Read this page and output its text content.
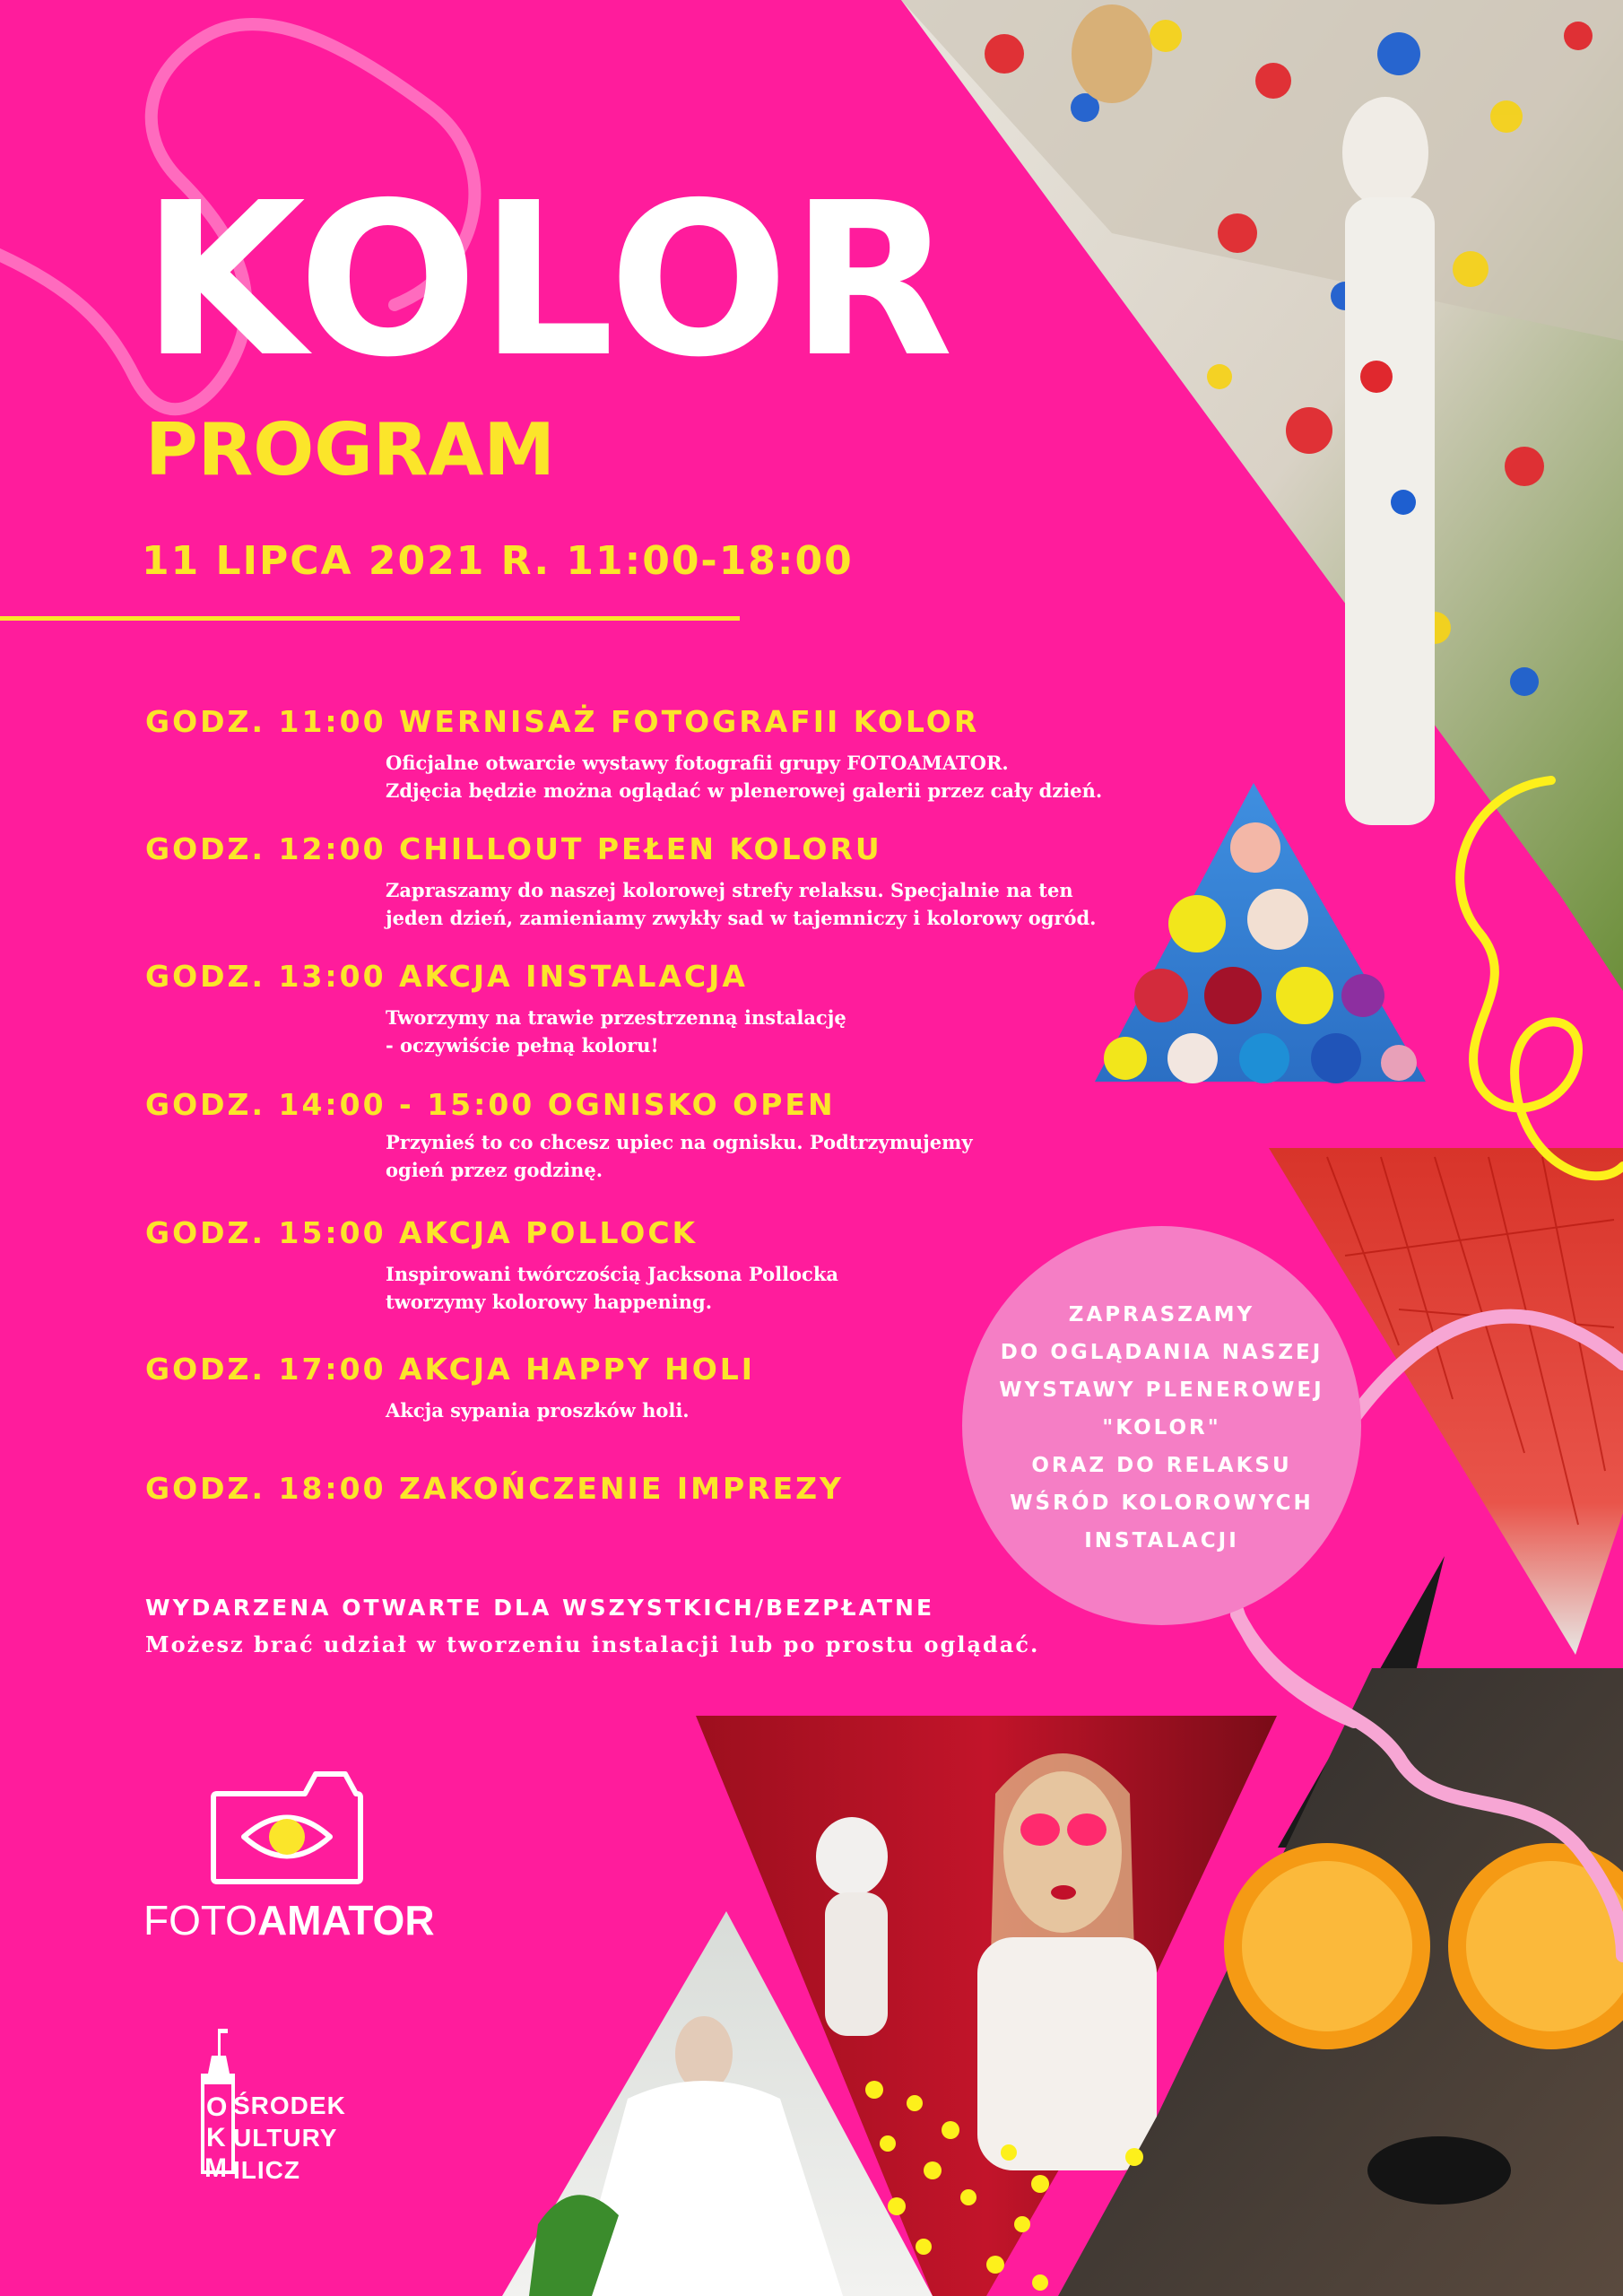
KOLOR
PROGRAM
11 LIPCA 2021 R. 11:00-18:00
GODZ. 11:00 WERNISAŻ FOTOGRAFII KOLOR
Oficjalne otwarcie wystawy fotografii grupy FOTOAMATOR.
Zdjęcia będzie można oglądać w plenerowej galerii przez cały dzień.
GODZ. 12:00 CHILLOUT PEŁEN KOLORU
Zapraszamy do naszej kolorowej strefy relaksu. Specjalnie na ten
jeden dzień, zamieniamy zwykły sad w tajemniczy i kolorowy ogród.
GODZ. 13:00 AKCJA INSTALACJA
Tworzymy na trawie przestrzenną instalację
- oczywiście pełną koloru!
GODZ. 14:00 - 15:00 OGNISKO OPEN
Przynieś to co chcesz upiec na ognisku. Podtrzymujemy
ogień przez godzinę.
GODZ. 15:00 AKCJA POLLOCK
Inspirowani twórczością Jacksona Pollocka
tworzymy kolorowy happening.
GODZ. 17:00 AKCJA HAPPY HOLI
Akcja sypania proszków holi.
GODZ. 18:00 ZAKOŃCZENIE IMPREZY
WYDARZENA OTWARTE DLA WSZYSTKICH/BEZPŁATNE
Możesz brać udział w tworzeniu instalacji lub po prostu oglądać.
ZAPRASZAMY
DO OGLĄDANIA NASZEJ
WYSTAWY PLENEROWEJ
"KOLOR"
ORAZ DO RELAKSU
WŚRÓD KOLOROWYCH
INSTALACJI
FOTOAMATOR
O
K
M
ŚRODEK
ULTURY
ILICZ
